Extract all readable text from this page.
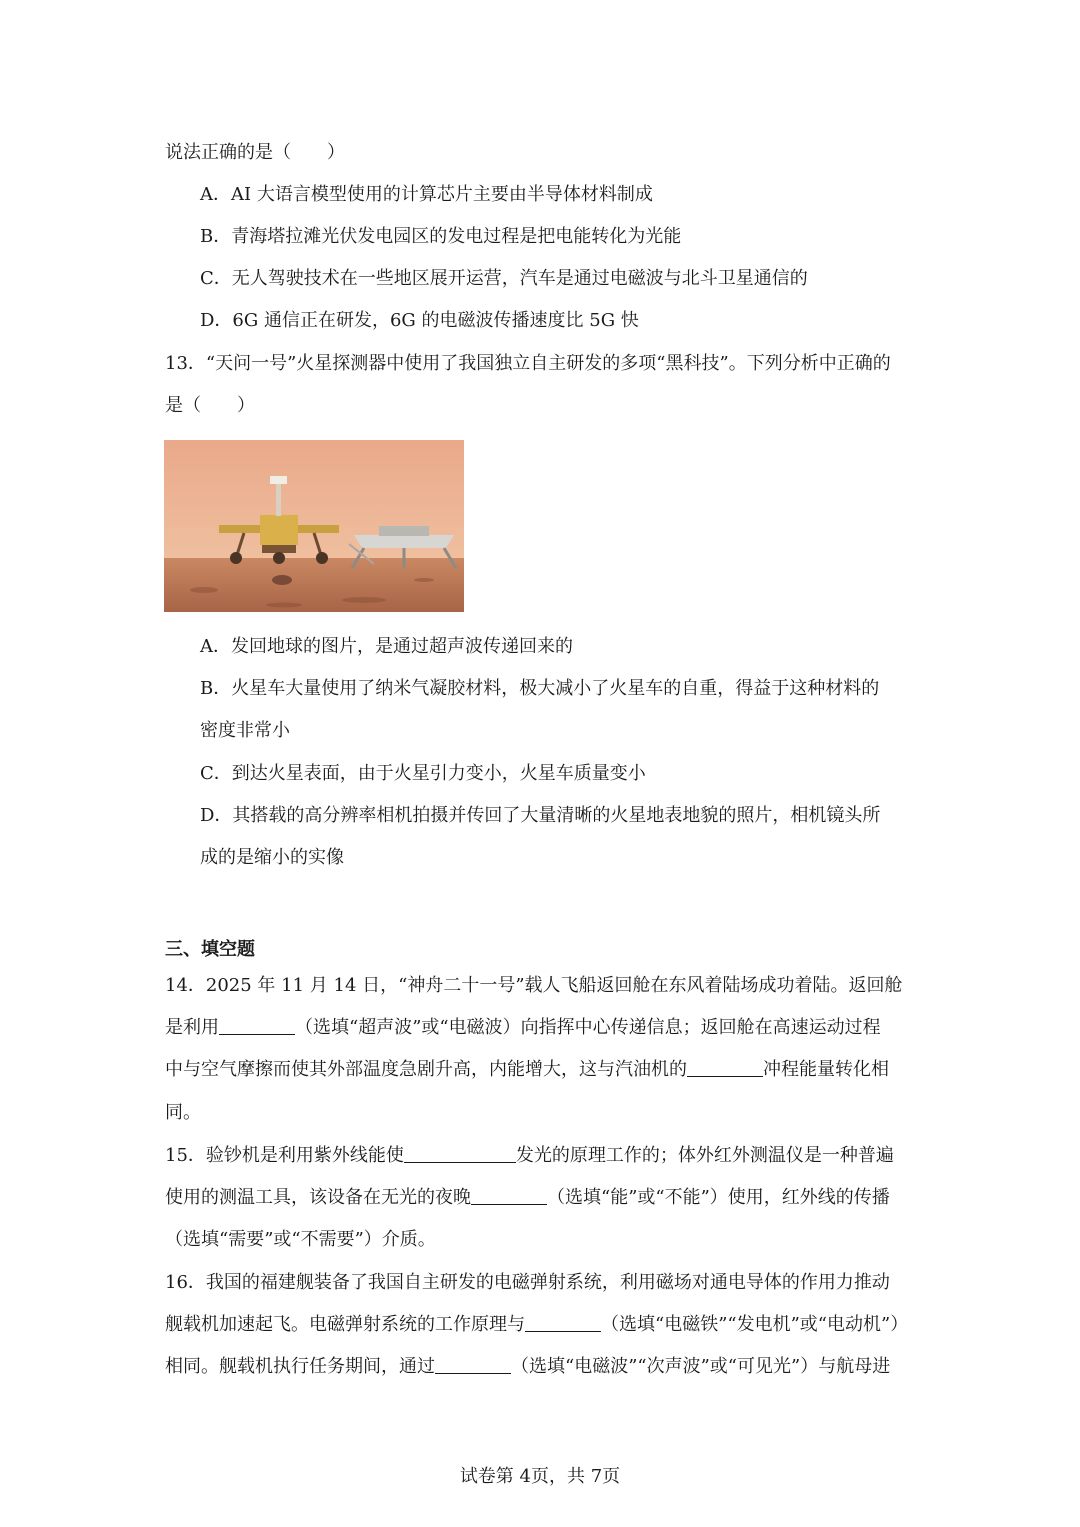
说法正确的是（　　）
A．AI 大语言模型使用的计算芯片主要由半导体材料制成
B．青海塔拉滩光伏发电园区的发电过程是把电能转化为光能
C．无人驾驶技术在一些地区展开运营，汽车是通过电磁波与北斗卫星通信的
D．6G 通信正在研发，6G 的电磁波传播速度比 5G 快
13．“天问一号”火星探测器中使用了我国独立自主研发的多项“黑科技”。下列分析中正确的
是（　　）
A．发回地球的图片，是通过超声波传递回来的
B．火星车大量使用了纳米气凝胶材料，极大减小了火星车的自重，得益于这种材料的
密度非常小
C．到达火星表面，由于火星引力变小，火星车质量变小
D．其搭载的高分辨率相机拍摄并传回了大量清晰的火星地表地貌的照片，相机镜头所
成的是缩小的实像
三、填空题
14．2025 年 11 月 14 日，“神舟二十一号”载人飞船返回舱在东风着陆场成功着陆。返回舱
是利用	（选填“超声波”或“电磁波）向指挥中心传递信息；返回舱在高速运动过程
中与空气摩擦而使其外部温度急剧升高，内能增大，这与汽油机的	冲程能量转化相
同。
15．验钞机是利用紫外线能使	发光的原理工作的；体外红外测温仪是一种普遍
使用的测温工具，该设备在无光的夜晚	（选填“能”或“不能”）使用，红外线的传播
（选填“需要”或“不需要”）介质。
16．我国的福建舰装备了我国自主研发的电磁弹射系统，利用磁场对通电导体的作用力推动
舰载机加速起飞。电磁弹射系统的工作原理与	（选填“电磁铁”“发电机”或“电动机”）
相同。舰载机执行任务期间，通过	（选填“电磁波”“次声波”或“可见光”）与航母进
试卷第 4页，共 7页
